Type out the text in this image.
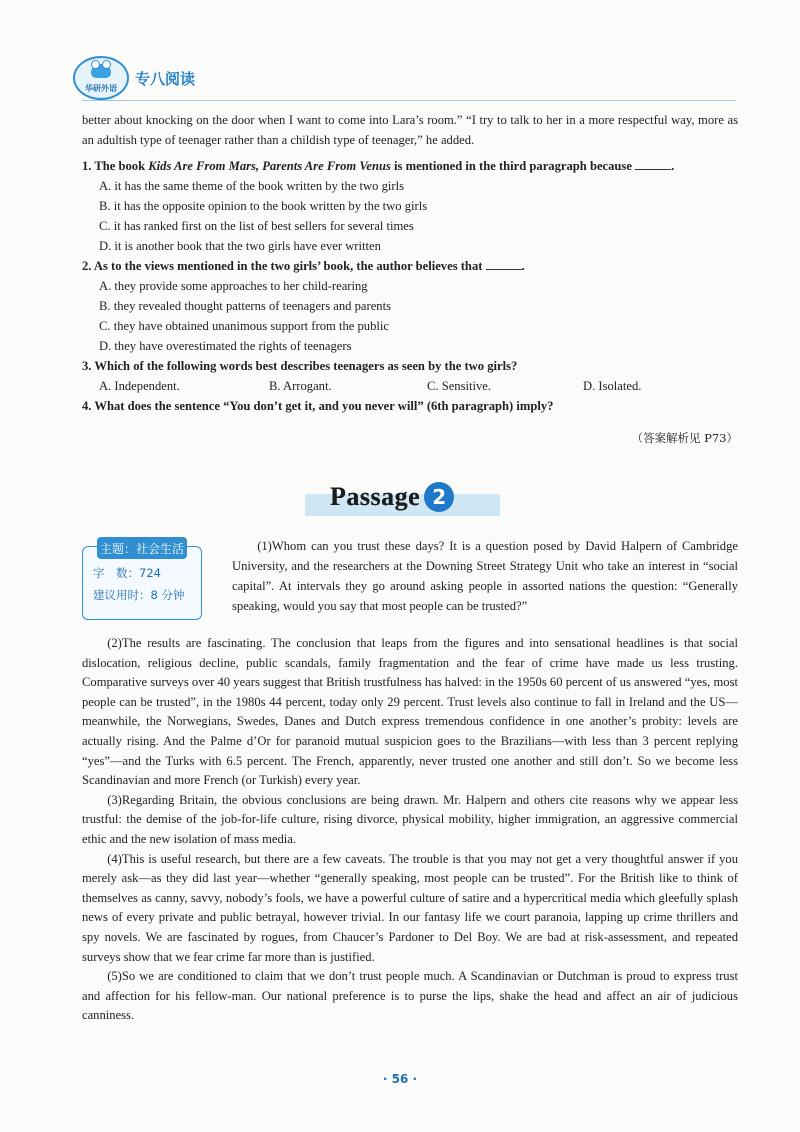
华研外语
专八阅读

better about knocking on the door when I want to come into Lara’s room.” “I try to talk to her in a more respectful way, more as an adultish type of teenager rather than a childish type of teenager,” he added.

1. The book Kids Are From Mars, Parents Are From Venus is mentioned in the third paragraph because	.

A. it has the same theme of the book written by the two girls

B. it has the opposite opinion to the book written by the two girls

C. it has ranked first on the list of best sellers for several times

D. it is another book that the two girls have ever written

2. As to the views mentioned in the two girls’ book, the author believes that	.

A. they provide some approaches to her child-rearing

B. they revealed thought patterns of teenagers and parents

C. they have obtained unanimous support from the public

D. they have overestimated the rights of teenagers

3. Which of the following words best describes teenagers as seen by the two girls?

A. Independent.	B. Arrogant.	C. Sensitive.	D. Isolated.

4. What does the sentence “You don’t get it, and you never will” (6th paragraph) imply?

（答案解析见 P73）

Passage 2
主题：社会生活
字　数：724
建议用时：8 分钟

(1)Whom can you trust these days? It is a question posed by David Halpern of Cambridge University, and the researchers at the Downing Street Strategy Unit who take an interest in “social capital”. At intervals they go around asking people in assorted nations the question: “Generally speaking, would you say that most people can be trusted?”

(2)The results are fascinating. The conclusion that leaps from the figures and into sensational headlines is that social dislocation, religious decline, public scandals, family fragmentation and the fear of crime have made us less trusting. Comparative surveys over 40 years suggest that British trustfulness has halved: in the 1950s 60 percent of us answered “yes, most people can be trusted”, in the 1980s 44 percent, today only 29 percent. Trust levels also continue to fall in Ireland and the US—meanwhile, the Norwegians, Swedes, Danes and Dutch express tremendous confidence in one another’s probity: levels are actually rising. And the Palme d’Or for paranoid mutual suspicion goes to the Brazilians—with less than 3 percent replying “yes”—and the Turks with 6.5 percent. The French, apparently, never trusted one another and still don’t. So we become less Scandinavian and more French (or Turkish) every year.

(3)Regarding Britain, the obvious conclusions are being drawn. Mr. Halpern and others cite reasons why we appear less trustful: the demise of the job-for-life culture, rising divorce, physical mobility, higher immigration, an aggressive commercial ethic and the new isolation of mass media.

(4)This is useful research, but there are a few caveats. The trouble is that you may not get a very thoughtful answer if you merely ask—as they did last year—whether “generally speaking, most people can be trusted”. For the British like to think of themselves as canny, savvy, nobody’s fools, we have a powerful culture of satire and a hypercritical media which gleefully splash news of every private and public betrayal, however trivial. In our fantasy life we court paranoia, lapping up crime thrillers and spy novels. We are fascinated by rogues, from Chaucer’s Pardoner to Del Boy. We are bad at risk-assessment, and repeated surveys show that we fear crime far more than is justified.

(5)So we are conditioned to claim that we don’t trust people much. A Scandinavian or Dutchman is proud to express trust and affection for his fellow-man. Our national preference is to purse the lips, shake the head and affect an air of judicious canniness.

· 56 ·
